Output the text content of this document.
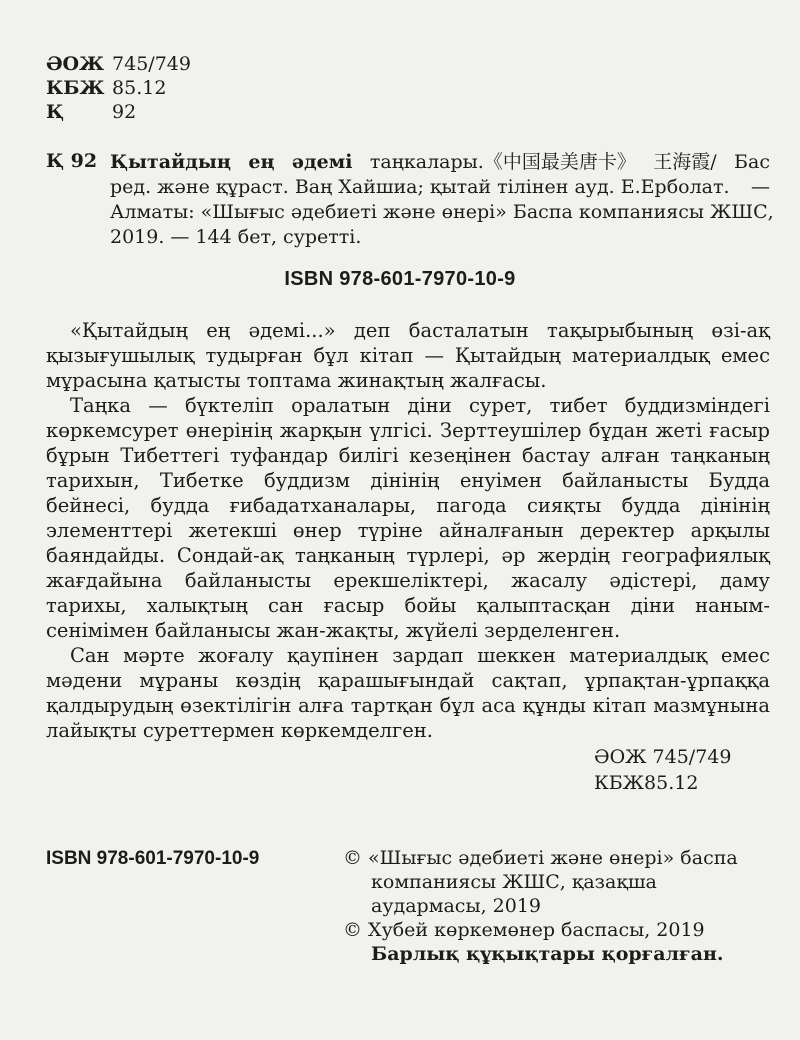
ӘОЖ 745/749
КБЖ 85.12
Қ	92
Қ 92 Қытайдың ең әдемі таңкалары.《中国最美唐卡》 王海霞/ Бас
ред. және құраст. Ваң Хайшиа; қытай тілінен ауд. Е.Ерболат. —
Алматы: «Шығыс әдебиеті және өнері» Баспа компаниясы ЖШС,
2019. — 144 бет, суретті.
ISBN 978-601-7970-10-9

«Қытайдың ең әдемі...» деп басталатын тақырыбының өзі-ақ қызығушылық тудырған бұл кітап — Қытайдың материалдық емес мұрасына қатысты топтама жинақтың жалғасы.

Таңка — бүктеліп оралатын діни сурет, тибет буддизміндегі көркемсурет өнерінің жарқын үлгісі. Зерттеушілер бұдан жеті ғасыр бұрын Тибеттегі туфандар билігі кезеңінен бастау алған таңканың тарихын, Тибетке буддизм дінінің енуімен байланысты Будда бейнесі, будда ғибадатханалары, пагода сияқты будда дінінің элементтері жетекші өнер түріне айналғанын деректер арқылы баяндайды. Сондай-ақ таңканың түрлері, әр жердің географиялық жағдайына байланысты ерекшеліктері, жасалу әдістері, даму тарихы, халықтың сан ғасыр бойы қалыптасқан діни наным-сенімімен байланысы жан-жақты, жүйелі зерделенген.

Сан мәрте жоғалу қаупінен зардап шеккен материалдық емес мәдени мұраны көздің қарашығындай сақтап, ұрпақтан-ұрпаққа қалдырудың өзектілігін алға тартқан бұл аса құнды кітап мазмұнына лайықты суреттермен көркемделген.

ӘОЖ 745/749
КБЖ85.12
ISBN 978-601-7970-10-9	© «Шығыс әдебиеті және өнері» баспа
компаниясы ЖШС, қазақша
аудармасы, 2019
© Хубей көркемөнер баспасы, 2019
Барлық құқықтары қорғалған.
